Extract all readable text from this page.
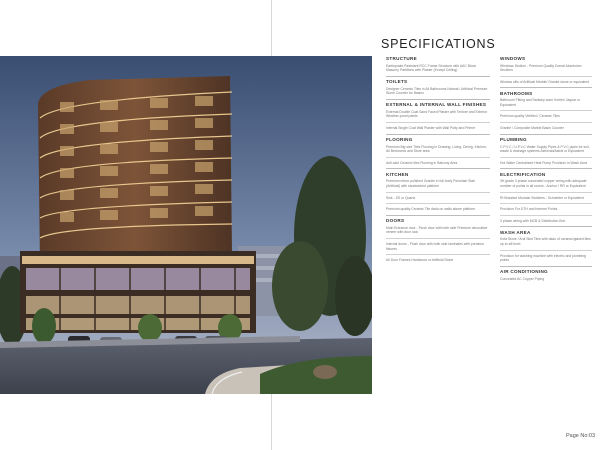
SPECIFICATIONS
STRUCTURE
Earthquake Resistant RCC Frame Structure with AAC Block Masonry Partitions with Plaster (Except Ceiling)
TOILETS
Designer Ceramic Tiles in All Bathrooms Natural / Artificial Premium Stone Counter for Basins
EXTERNAL & INTERNAL WALL FINISHES
External Double Coat Sand Faced Plaster with Texture and Exterior Weather-proof paints
Internal Single Coat Wall Plaster with Wall Putty and Primer
FLOORING
Premium Big size Tiles Flooring in Drawing, Living, Dining, Kitchen, All Bedrooms and Store area
Anti-skid Ceramic tiles Flooring in Balcony Area
KITCHEN
Premium mirror polished Granite in full body Porcelain Slab (Artificial) with sandwiched platform
Sink - SS or Quartz
Premium quality Ceramic Tile dado on walls above platform
DOORS
Main Entrance door - Flush door with both side Premium decorative veneer with door lock
Internal doors - Flush door with both side laminates with premium fixtures
All Door Frames Hardwood or Artificial Stone
WINDOWS
Windows Section - Premium Quality Domal Aluminium Sections
Window sills of Artificial Marble/ Granite stone or equivalent
BATHROOMS
Bathroom Fitting and Sanitary ware Kohler/ Jaquar or Equivalent
Premium quality Vitrified / Ceramic Tiles
Granite / Composite Marble Basin Counter
PLUMBING
C.P.V.C / U.P.V.C Water Supply Pipes & P.V.C pipes for soil, waste & drainage systems Ashirvad/Astral or Equivalent
Hot Water Centralised Heat Pump Provision in Wash Area
ELECTRIFICATION
3H grade 3 phase concealed copper wiring with adequate number of points in all rooms - Anchor / RR or Equivalent
RI Branded Modular Switches - Schneider or Equivalent
Provision For DTH and Internet Points
3 phase wiring with MCB & Distribution Box
WASH AREA
Kota Stone / Anti Skid Tiles with dado of ceramic/glazed tiles up to sill level
Provision for washing machine with electric and plumbing points
AIR CONDITIONING
Concealed AC Copper Piping
Page No:03
